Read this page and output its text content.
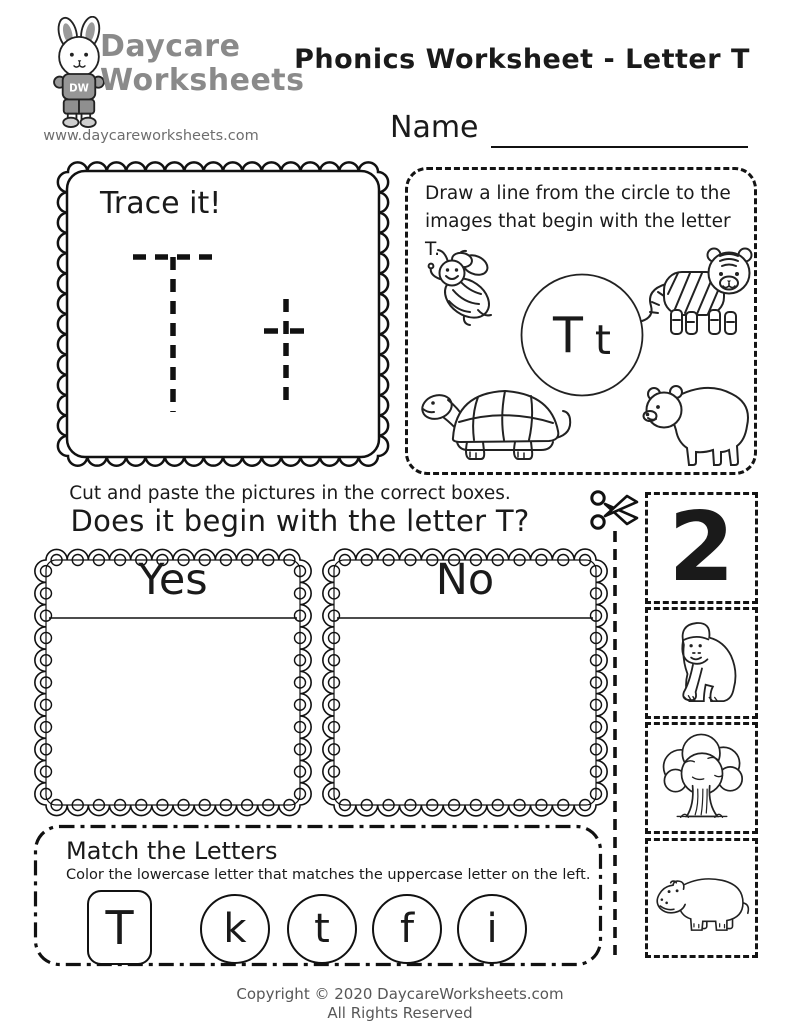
DW
Daycare
Worksheets
www.daycareworksheets.com
Phonics Worksheet - Letter T
Name
Trace it!	Draw a line from the circle to the
images that begin with the letter T.
T t
Cut and paste the pictures in the correct boxes.
Does it begin with the letter T?
Yes	No	2
Match the Letters
Color the lowercase letter that matches the uppercase letter on the left.
T k t f i
Copyright © 2020 DaycareWorksheets.com
All Rights Reserved
